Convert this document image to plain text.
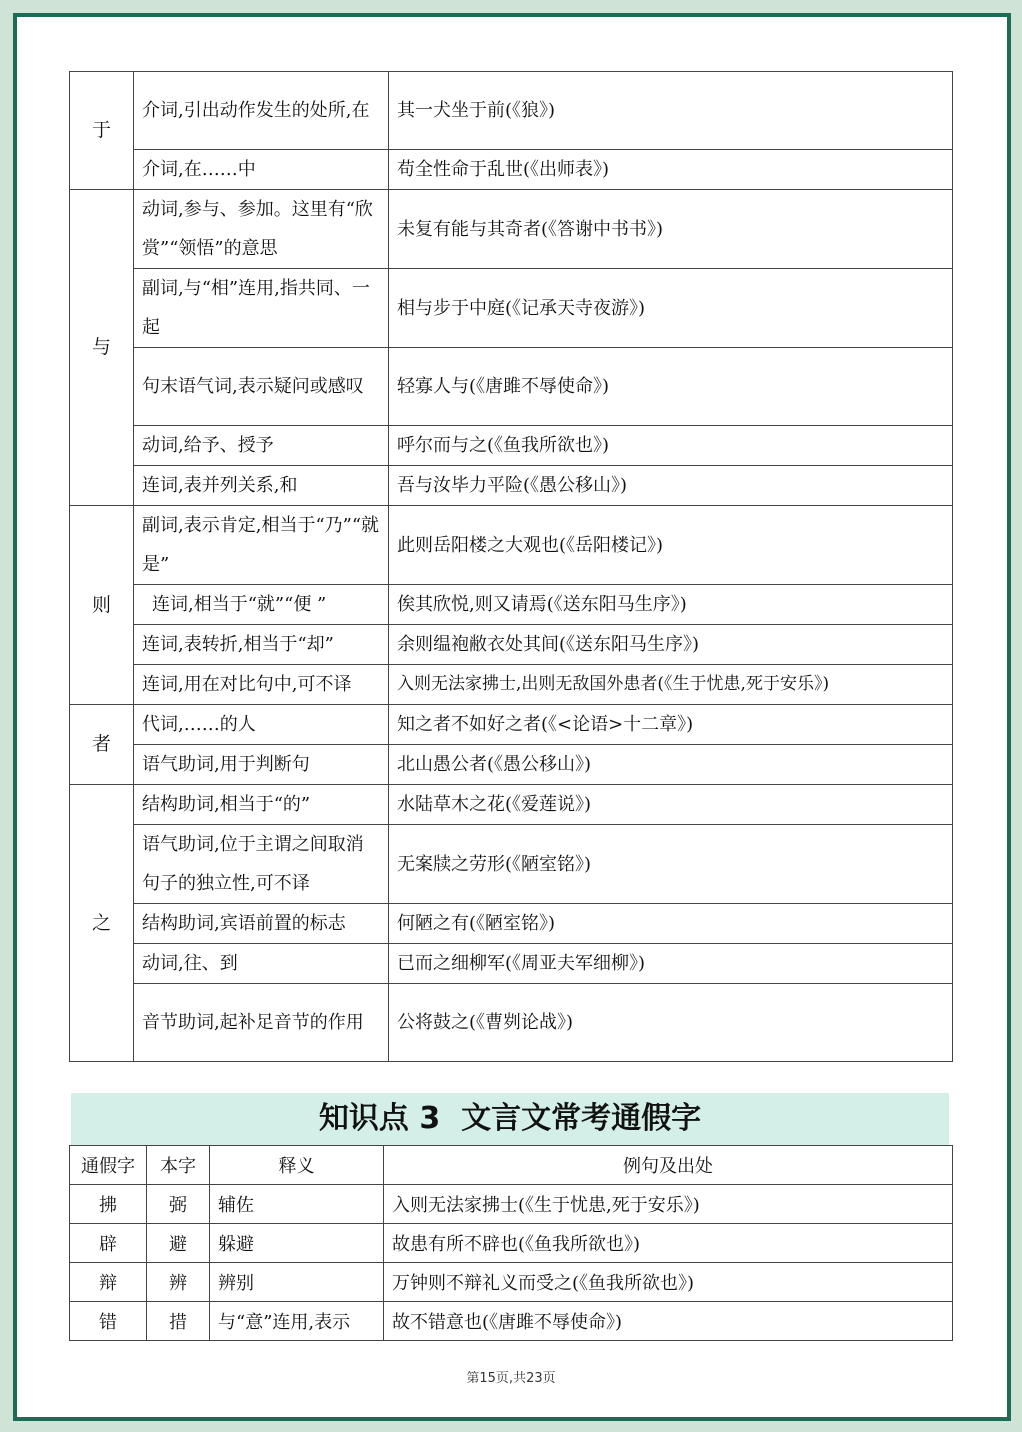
于	介词,引出动作发生的处所,在	其一犬坐于前(《狼》)
	介词,在……中	苟全性命于乱世(《出师表》)
与	动词,参与、参加。这里有“欣赏”“领悟”的意思	未复有能与其奇者(《答谢中书书》)
	副词,与“相”连用,指共同、一起	相与步于中庭(《记承天寺夜游》)
	句末语气词,表示疑问或感叹	轻寡人与(《唐雎不辱使命》)
	动词,给予、授予	呼尔而与之(《鱼我所欲也》)
	连词,表并列关系,和	吾与汝毕力平险(《愚公移山》)
则	副词,表示肯定,相当于“乃”“就是”	此则岳阳楼之大观也(《岳阳楼记》)
	连词,相当于“就”“便 ”	俟其欣悦,则又请焉(《送东阳马生序》)
	连词,表转折,相当于“却”	余则缊袍敝衣处其间(《送东阳马生序》)
	连词,用在对比句中,可不译	入则无法家拂士,出则无敌国外患者(《生于忧患,死于安乐》)
者	代词,……的人	知之者不如好之者(《<论语>十二章》)
	语气助词,用于判断句	北山愚公者(《愚公移山》)
之	结构助词,相当于“的”	水陆草木之花(《爱莲说》)
	语气助词,位于主谓之间取消句子的独立性,可不译	无案牍之劳形(《陋室铭》)
	结构助词,宾语前置的标志	何陋之有(《陋室铭》)
	动词,往、到	已而之细柳军(《周亚夫军细柳》)
	音节助词,起补足音节的作用	公将鼓之(《曹刿论战》)
知识点 3  文言文常考通假字
通假字	本字	释义	例句及出处
拂	弼	辅佐	入则无法家拂士(《生于忧患,死于安乐》)
辟	避	躲避	故患有所不辟也(《鱼我所欲也》)
辩	辨	辨别	万钟则不辩礼义而受之(《鱼我所欲也》)
错	措	与“意”连用,表示	故不错意也(《唐雎不辱使命》)
第15页,共23页
